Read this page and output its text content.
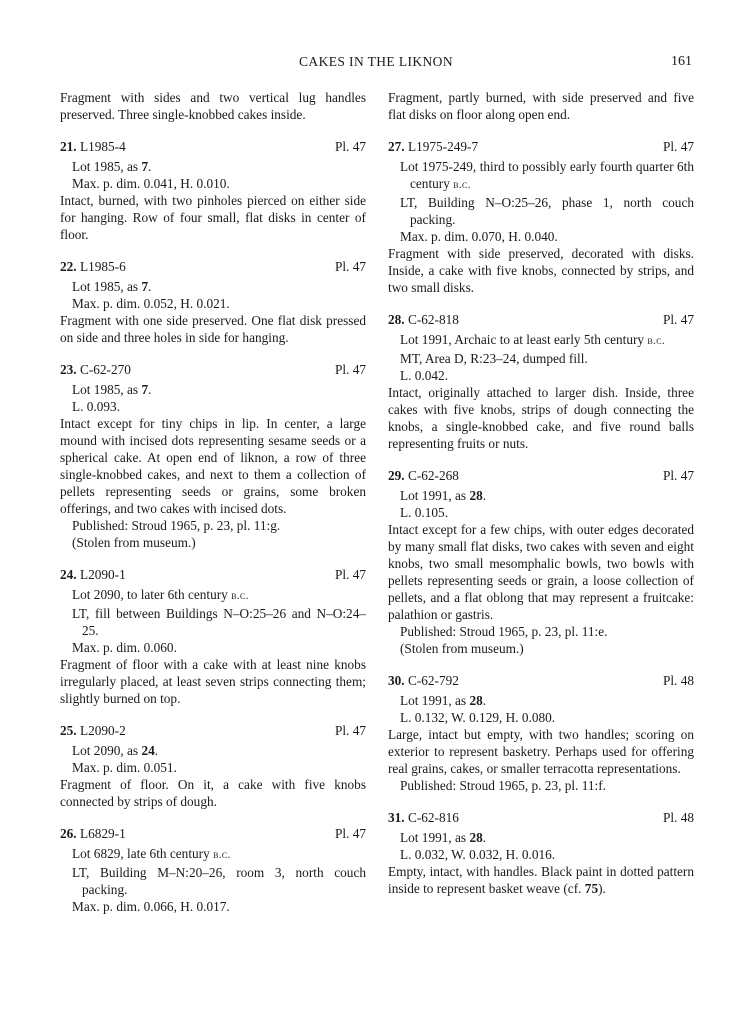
CAKES IN THE LIKNON	161

Fragment with sides and two vertical lug handles preserved. Three single-knobbed cakes inside.

21. L1985-4	Pl. 47
Lot 1985, as 7.
Max. p. dim. 0.041, H. 0.010.

Intact, burned, with two pinholes pierced on either side for hanging. Row of four small, flat disks in center of floor.

22. L1985-6	Pl. 47
Lot 1985, as 7.
Max. p. dim. 0.052, H. 0.021.

Fragment with one side preserved. One flat disk pressed on side and three holes in side for hanging.

23. C-62-270	Pl. 47
Lot 1985, as 7.
L. 0.093.

Intact except for tiny chips in lip. In center, a large mound with incised dots representing sesame seeds or a spherical cake. At open end of liknon, a row of three single-knobbed cakes, and next to them a collection of pellets representing seeds or grains, some broken offerings, and two cakes with incised dots.

Published: Stroud 1965, p. 23, pl. 11:g.
(Stolen from museum.)
24. L2090-1	Pl. 47
Lot 2090, to later 6th century b.c.
LT, fill between Buildings N–O:25–26 and N–O:24–25.
Max. p. dim. 0.060.

Fragment of floor with a cake with at least nine knobs irregularly placed, at least seven strips connecting them; slightly burned on top.

25. L2090-2	Pl. 47
Lot 2090, as 24.
Max. p. dim. 0.051.

Fragment of floor. On it, a cake with five knobs connected by strips of dough.

26. L6829-1	Pl. 47
Lot 6829, late 6th century b.c.
LT, Building M–N:20–26, room 3, north couch packing.
Max. p. dim. 0.066, H. 0.017.

Fragment, partly burned, with side preserved and five flat disks on floor along open end.

27. L1975-249-7	Pl. 47
Lot 1975-249, third to possibly early fourth quarter 6th century b.c.
LT, Building N–O:25–26, phase 1, north couch packing.
Max. p. dim. 0.070, H. 0.040.

Fragment with side preserved, decorated with disks. Inside, a cake with five knobs, connected by strips, and two small disks.

28. C-62-818	Pl. 47
Lot 1991, Archaic to at least early 5th century b.c.
MT, Area D, R:23–24, dumped fill.
L. 0.042.

Intact, originally attached to larger dish. Inside, three cakes with five knobs, strips of dough connecting the knobs, a single-knobbed cake, and five round balls representing fruits or nuts.

29. C-62-268	Pl. 47
Lot 1991, as 28.
L. 0.105.

Intact except for a few chips, with outer edges decorated by many small flat disks, two cakes with seven and eight knobs, two small mesomphalic bowls, two bowls with pellets representing seeds or grain, a loose collection of pellets, and a flat oblong that may represent a fruitcake: palathion or gastris.

Published: Stroud 1965, p. 23, pl. 11:e.
(Stolen from museum.)
30. C-62-792	Pl. 48
Lot 1991, as 28.
L. 0.132, W. 0.129, H. 0.080.

Large, intact but empty, with two handles; scoring on exterior to represent basketry. Perhaps used for offering real grains, cakes, or smaller terracotta representations.

Published: Stroud 1965, p. 23, pl. 11:f.
31. C-62-816	Pl. 48
Lot 1991, as 28.
L. 0.032, W. 0.032, H. 0.016.

Empty, intact, with handles. Black paint in dotted pattern inside to represent basket weave (cf. 75).
